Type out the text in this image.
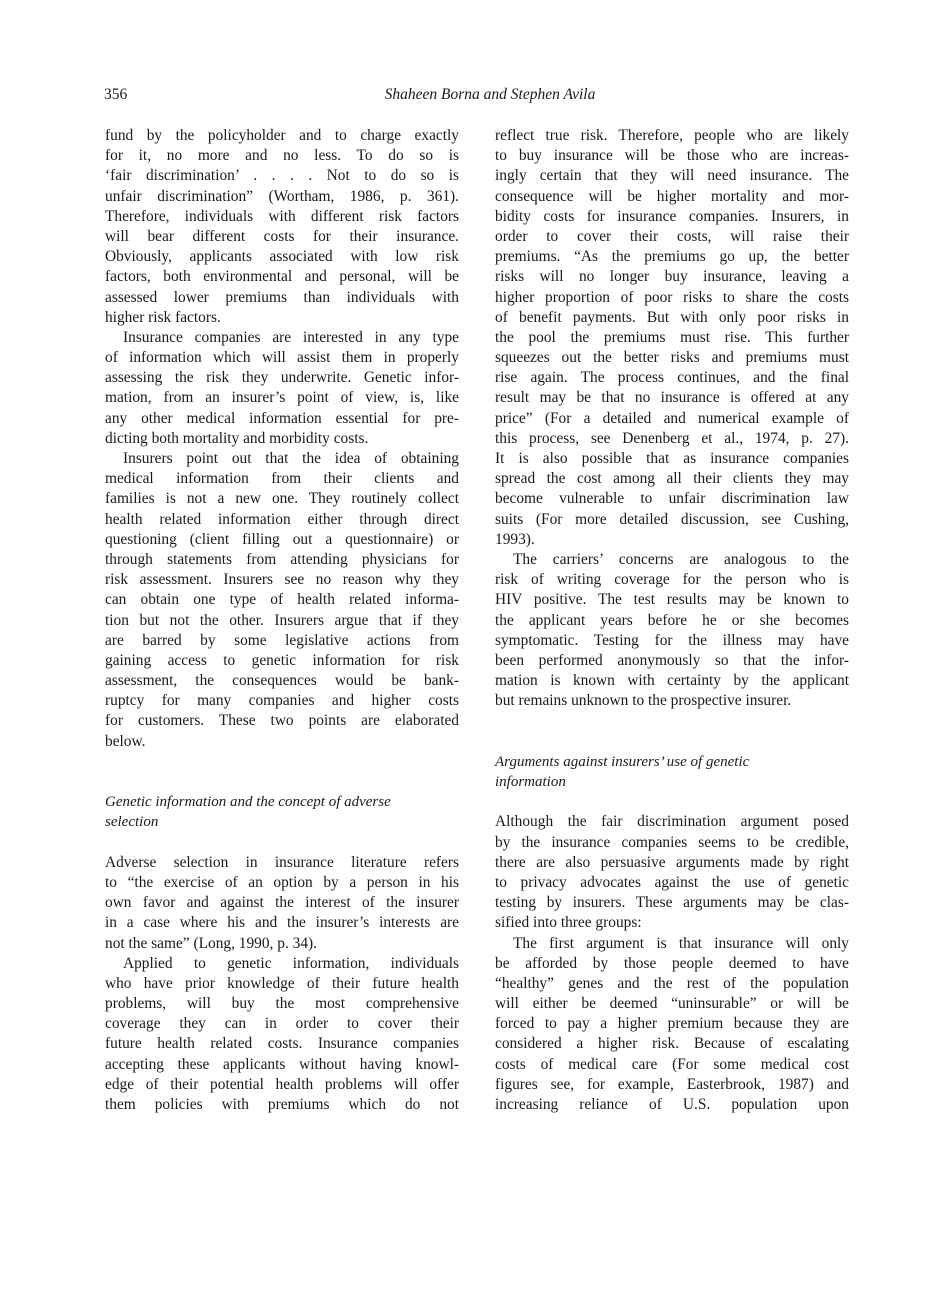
356	Shaheen Borna and Stephen Avila
fund by the policyholder and to charge exactly
for it, no more and no less. To do so is
‘fair discrimination’ . . . . Not to do so is
unfair discrimination” (Wortham, 1986, p. 361).
Therefore, individuals with different risk factors
will bear different costs for their insurance.
Obviously, applicants associated with low risk
factors, both environmental and personal, will be
assessed lower premiums than individuals with
higher risk factors.
Insurance companies are interested in any type
of information which will assist them in properly
assessing the risk they underwrite. Genetic infor-
mation, from an insurer’s point of view, is, like
any other medical information essential for pre-
dicting both mortality and morbidity costs.
Insurers point out that the idea of obtaining
medical information from their clients and
families is not a new one. They routinely collect
health related information either through direct
questioning (client filling out a questionnaire) or
through statements from attending physicians for
risk assessment. Insurers see no reason why they
can obtain one type of health related informa-
tion but not the other. Insurers argue that if they
are barred by some legislative actions from
gaining access to genetic information for risk
assessment, the consequences would be bank-
ruptcy for many companies and higher costs
for customers. These two points are elaborated
below.
Genetic information and the concept of adverse
selection
Adverse selection in insurance literature refers
to “the exercise of an option by a person in his
own favor and against the interest of the insurer
in a case where his and the insurer’s interests are
not the same” (Long, 1990, p. 34).
Applied to genetic information, individuals
who have prior knowledge of their future health
problems, will buy the most comprehensive
coverage they can in order to cover their
future health related costs. Insurance companies
accepting these applicants without having knowl-
edge of their potential health problems will offer
them policies with premiums which do not
reflect true risk. Therefore, people who are likely
to buy insurance will be those who are increas-
ingly certain that they will need insurance. The
consequence will be higher mortality and mor-
bidity costs for insurance companies. Insurers, in
order to cover their costs, will raise their
premiums. “As the premiums go up, the better
risks will no longer buy insurance, leaving a
higher proportion of poor risks to share the costs
of benefit payments. But with only poor risks in
the pool the premiums must rise. This further
squeezes out the better risks and premiums must
rise again. The process continues, and the final
result may be that no insurance is offered at any
price” (For a detailed and numerical example of
this process, see Denenberg et al., 1974, p. 27).
It is also possible that as insurance companies
spread the cost among all their clients they may
become vulnerable to unfair discrimination law
suits (For more detailed discussion, see Cushing,
1993).
The carriers’ concerns are analogous to the
risk of writing coverage for the person who is
HIV positive. The test results may be known to
the applicant years before he or she becomes
symptomatic. Testing for the illness may have
been performed anonymously so that the infor-
mation is known with certainty by the applicant
but remains unknown to the prospective insurer.
Arguments against insurers’ use of genetic
information
Although the fair discrimination argument posed
by the insurance companies seems to be credible,
there are also persuasive arguments made by right
to privacy advocates against the use of genetic
testing by insurers. These arguments may be clas-
sified into three groups:
The first argument is that insurance will only
be afforded by those people deemed to have
“healthy” genes and the rest of the population
will either be deemed “uninsurable” or will be
forced to pay a higher premium because they are
considered a higher risk. Because of escalating
costs of medical care (For some medical cost
figures see, for example, Easterbrook, 1987) and
increasing reliance of U.S. population upon
